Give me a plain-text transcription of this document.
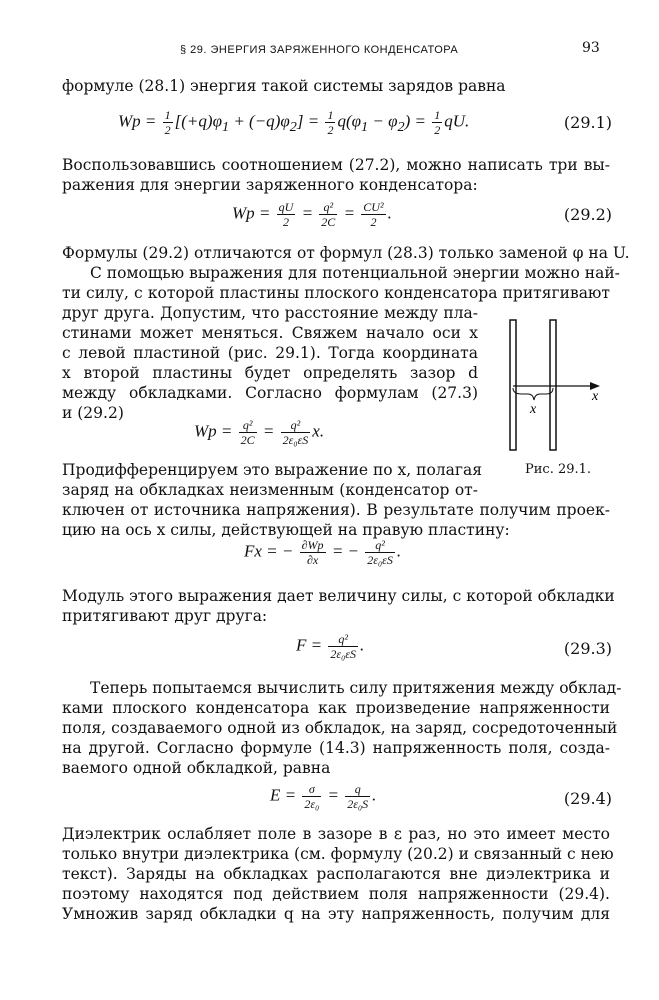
§ 29. ЭНЕРГИЯ ЗАРЯЖЕННОГО КОНДЕНСАТОРА	93
формуле (28.1) энергия такой системы зарядов равна
$Wp = \frac{1}{2} [(+q)\varphi_1 + (-q)\varphi_2] = \frac{1}{2} q(\varphi_1 - \varphi_2) = \frac{1}{2}$ qU.	(29.1)
Воспользовавшись соотношением (27.2), можно написать три вы-
ражения для энергии заряженного конденсатора:
$Wp = \frac{qU}{2} = \frac{\text{q²}}{2C} = \frac{\text{CU²}}{2}$ .	(29.2)
Формулы (29.2) отличаются от формул (28.3) только заменой φ на U.
С помощью выражения для потенциальной энергии можно най-
ти силу, с которой пластины плоского конденсатора притягивают
друг друга. Допустим, что расстояние между пла-
стинами может меняться. Свяжем начало оси x
с левой пластиной (рис. 29.1). Тогда координата
x второй пластины будет определять зазор d
между обкладками. Согласно формулам (27.3)
и (29.2)
$Wp = \frac{\text{q²}}{2C} = \frac{\text{q²}}{\text{2ε₀εS}} x$.
x
x
Рис. 29.1.
Продифференцируем это выражение по x, полагая
заряд на обкладках неизменным (конденсатор от-
ключен от источника напряжения). В результате получим проек-
цию на ось x силы, действующей на правую пластину:
Fx = − $\frac{\partial Wp}{\partial x}$ = − $\frac{\text{q²}}{\text{2ε₀εS}}$ .
Модуль этого выражения дает величину силы, с которой обкладки
притягивают друг друга:
$F = \frac{\text{q²}}{\text{2ε₀εS}}$ .	(29.3)
Теперь попытаемся вычислить силу притяжения между обклад-
ками плоского конденсатора как произведение напряженности
поля, создаваемого одной из обкладок, на заряд, сосредоточенный
на другой. Согласно формуле (14.3) напряженность поля, созда-
ваемого одной обкладкой, равна
$E = \frac{\sigma}{\text{2ε₀}} = \frac{q}{\text{2ε₀S}}$ .	(29.4)
Диэлектрик ослабляет поле в зазоре в ε раз, но это имеет место
только внутри диэлектрика (см. формулу (20.2) и связанный с нею
текст). Заряды на обкладках располагаются вне диэлектрика и
поэтому находятся под действием поля напряженности (29.4).
Умножив заряд обкладки q на эту напряженность, получим для
